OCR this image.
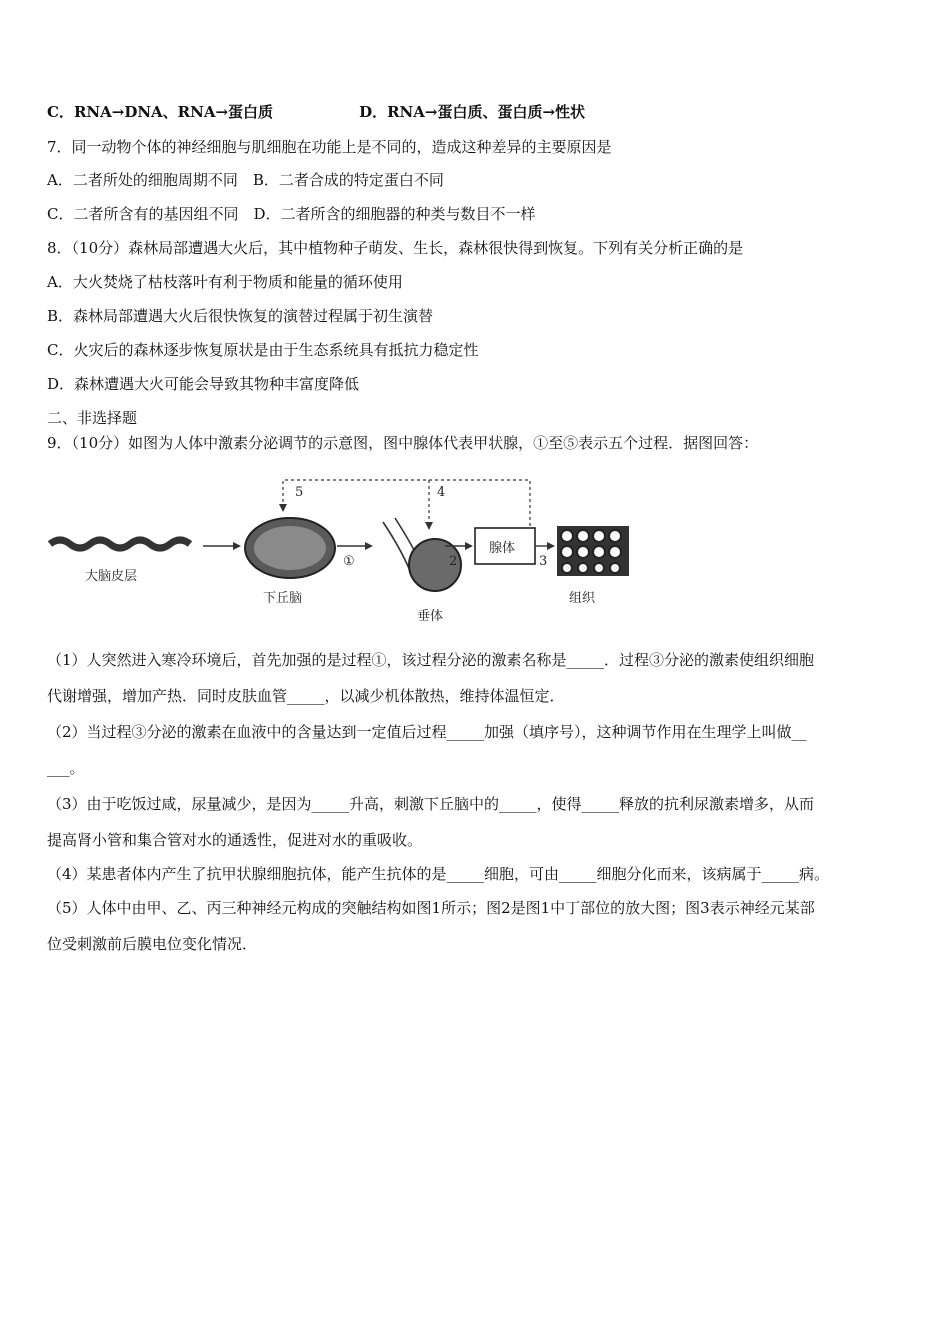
C．RNA→DNA、RNA→蛋白质	D．RNA→蛋白质、蛋白质→性状
7．同一动物个体的神经细胞与肌细胞在功能上是不同的，造成这种差异的主要原因是
A．二者所处的细胞周期不同　B．二者合成的特定蛋白不同
C．二者所含有的基因组不同　D．二者所含的细胞器的种类与数目不一样
8．（10分）森林局部遭遇大火后，其中植物种子萌发、生长，森林很快得到恢复。下列有关分析正确的是
A．大火焚烧了枯枝落叶有利于物质和能量的循环使用
B．森林局部遭遇大火后很快恢复的演替过程属于初生演替
C．火灾后的森林逐步恢复原状是由于生态系统具有抵抗力稳定性
D．森林遭遇大火可能会导致其物种丰富度降低
二、非选择题
9．（10分）如图为人体中激素分泌调节的示意图，图中腺体代表甲状腺，①至⑤表示五个过程．据图回答：
5	4
大脑皮层
下丘脑
①
垂体
2
腺体
3
组织
（1）人突然进入寒冷环境后，首先加强的是过程①，该过程分泌的激素名称是_____．过程③分泌的激素使组织细胞
代谢增强，增加产热．同时皮肤血管_____，以减少机体散热，维持体温恒定．
（2）当过程③分泌的激素在血液中的含量达到一定值后过程_____加强（填序号），这种调节作用在生理学上叫做__
___。
（3）由于吃饭过咸，尿量减少，是因为_____升高，刺激下丘脑中的_____，使得_____释放的抗利尿激素增多，从而
提高肾小管和集合管对水的通透性，促进对水的重吸收。
（4）某患者体内产生了抗甲状腺细胞抗体，能产生抗体的是_____细胞，可由_____细胞分化而来，该病属于_____病。
（5）人体中由甲、乙、丙三种神经元构成的突触结构如图1所示；图2是图1中丁部位的放大图；图3表示神经元某部
位受刺激前后膜电位变化情况．
